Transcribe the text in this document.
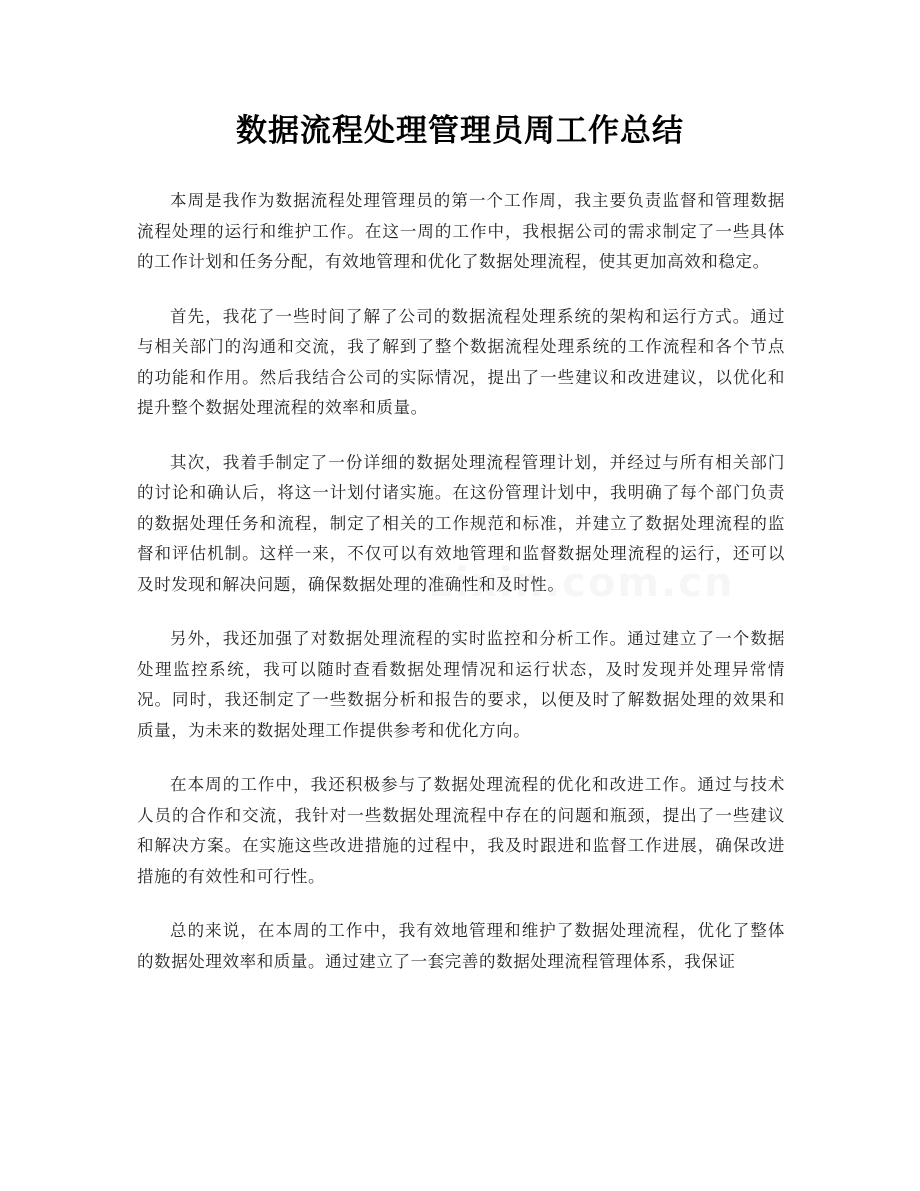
数据流程处理管理员周工作总结

本周是我作为数据流程处理管理员的第一个工作周，我主要负责监督和管理数据流程处理的运行和维护工作。在这一周的工作中，我根据公司的需求制定了一些具体的工作计划和任务分配，有效地管理和优化了数据处理流程，使其更加高效和稳定。

首先，我花了一些时间了解了公司的数据流程处理系统的架构和运行方式。通过与相关部门的沟通和交流，我了解到了整个数据流程处理系统的工作流程和各个节点的功能和作用。然后我结合公司的实际情况，提出了一些建议和改进建议，以优化和提升整个数据处理流程的效率和质量。

其次，我着手制定了一份详细的数据处理流程管理计划，并经过与所有相关部门的讨论和确认后，将这一计划付诸实施。在这份管理计划中，我明确了每个部门负责的数据处理任务和流程，制定了相关的工作规范和标准，并建立了数据处理流程的监督和评估机制。这样一来，不仅可以有效地管理和监督数据处理流程的运行，还可以及时发现和解决问题，确保数据处理的准确性和及时性。

另外，我还加强了对数据处理流程的实时监控和分析工作。通过建立了一个数据处理监控系统，我可以随时查看数据处理情况和运行状态，及时发现并处理异常情况。同时，我还制定了一些数据分析和报告的要求，以便及时了解数据处理的效果和质量，为未来的数据处理工作提供参考和优化方向。

在本周的工作中，我还积极参与了数据处理流程的优化和改进工作。通过与技术人员的合作和交流，我针对一些数据处理流程中存在的问题和瓶颈，提出了一些建议和解决方案。在实施这些改进措施的过程中，我及时跟进和监督工作进展，确保改进措施的有效性和可行性。

总的来说，在本周的工作中，我有效地管理和维护了数据处理流程，优化了整体的数据处理效率和质量。通过建立了一套完善的数据处理流程管理体系，我保证
